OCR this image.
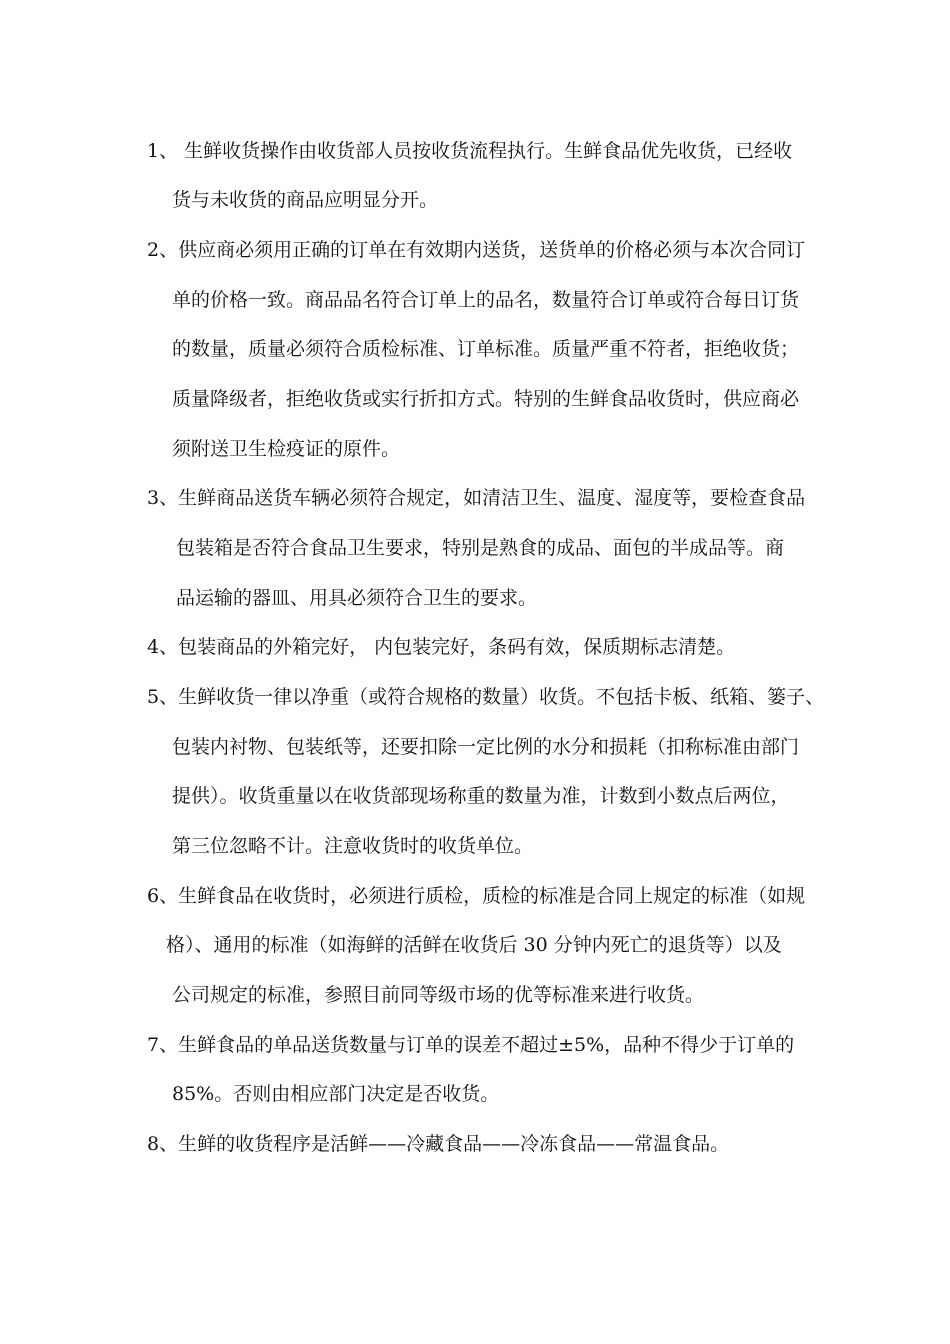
1、 生鲜收货操作由收货部人员按收货流程执行。生鲜食品优先收货，已经收
货与未收货的商品应明显分开。
2、供应商必须用正确的订单在有效期内送货，送货单的价格必须与本次合同订
单的价格一致。商品品名符合订单上的品名，数量符合订单或符合每日订货
的数量，质量必须符合质检标准、订单标准。质量严重不符者，拒绝收货；
质量降级者，拒绝收货或实行折扣方式。特别的生鲜食品收货时，供应商必
须附送卫生检疫证的原件。
3、生鲜商品送货车辆必须符合规定，如清洁卫生、温度、湿度等，要检查食品
包装箱是否符合食品卫生要求，特别是熟食的成品、面包的半成品等。商
品运输的器皿、用具必须符合卫生的要求。
4、包装商品的外箱完好， 内包装完好，条码有效，保质期标志清楚。
5、生鲜收货一律以净重（或符合规格的数量）收货。不包括卡板、纸箱、篓子、
包装内衬物、包装纸等，还要扣除一定比例的水分和损耗（扣称标准由部门
提供）。收货重量以在收货部现场称重的数量为准，计数到小数点后两位，
第三位忽略不计。注意收货时的收货单位。
6、生鲜食品在收货时，必须进行质检，质检的标准是合同上规定的标准（如规
格）、通用的标准（如海鲜的活鲜在收货后 30 分钟内死亡的退货等）以及
公司规定的标准，参照目前同等级市场的优等标准来进行收货。
7、生鲜食品的单品送货数量与订单的误差不超过±5%，品种不得少于订单的
85%。否则由相应部门决定是否收货。
8、生鲜的收货程序是活鲜——冷藏食品——冷冻食品——常温食品。
